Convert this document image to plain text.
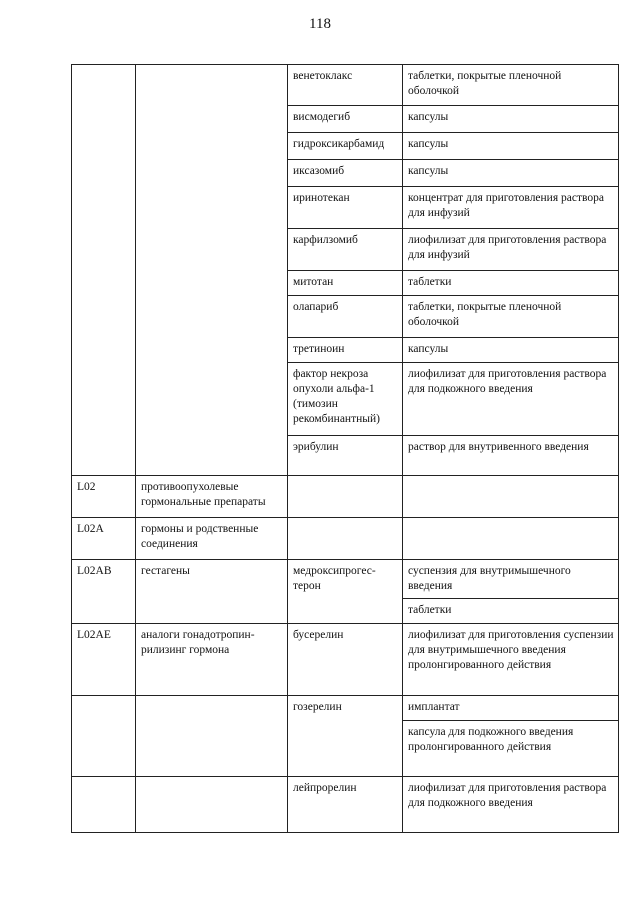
118
		венетоклакс	таблетки, покрытые пленочной оболочкой
		висмодегиб	капсулы
		гидроксикарбамид	капсулы
		иксазомиб	капсулы
		иринотекан	концентрат для приготовления раствора для инфузий
		карфилзомиб	лиофилизат для приготовления раствора для инфузий
		митотан	таблетки
		олапариб	таблетки, покрытые пленочной оболочкой
		третиноин	капсулы
		фактор некроза опухоли альфа-1 (тимозин рекомбинантный)	лиофилизат для приготовления раствора для подкожного введения
		эрибулин	раствор для внутривенного введения
L02	противоопухолевые гормональные препараты		
L02A	гормоны и родственные соединения		
L02AB	гестагены	медроксипрогес-терон	суспензия для внутримышечного введения
			таблетки
L02AE	аналоги гонадотропин-рилизинг гормона	бусерелин	лиофилизат для приготовления суспензии для внутримышечного введения пролонгированного действия
		гозерелин	имплантат
			капсула для подкожного введения пролонгированного действия
		лейпрорелин	лиофилизат для приготовления раствора для подкожного введения
